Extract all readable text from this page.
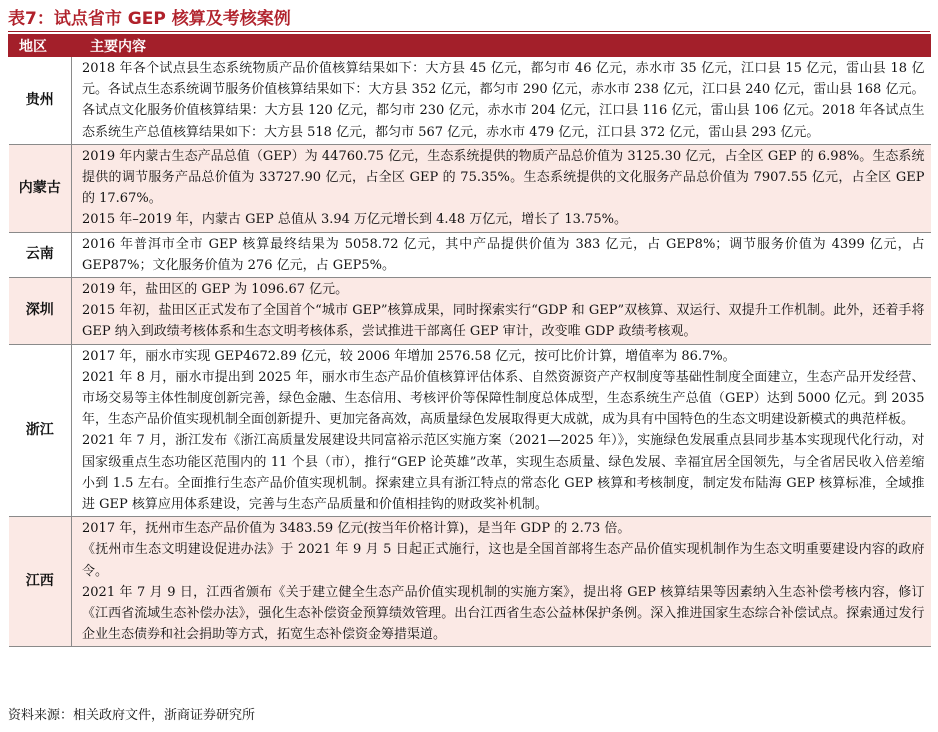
表7：试点省市 GEP 核算及考核案例
地区	主要内容
贵州	2018 年各个试点县生态系统物质产品价值核算结果如下：大方县 45 亿元，都匀市 46 亿元，赤水市 35 亿元，江口县 15 亿元，雷山县 18 亿元。各试点生态系统调节服务价值核算结果如下：大方县 352 亿元，都匀市 290 亿元，赤水市 238 亿元，江口县 240 亿元，雷山县 168 亿元。各试点文化服务价值核算结果：大方县 120 亿元，都匀市 230 亿元，赤水市 204 亿元，江口县 116 亿元，雷山县 106 亿元。2018 年各试点生态系统生产总值核算结果如下：大方县 518 亿元，都匀市 567 亿元，赤水市 479 亿元，江口县 372 亿元，雷山县 293 亿元。

内蒙古	2019 年内蒙古生态产品总值（GEP）为 44760.75 亿元，生态系统提供的物质产品总价值为 3125.30 亿元，占全区 GEP 的 6.98%。生态系统提供的调节服务产品总价值为 33727.90 亿元，占全区 GEP 的 75.35%。生态系统提供的文化服务产品总价值为 7907.55 亿元，占全区 GEP 的 17.67%。
2015 年–2019 年，内蒙古 GEP 总值从 3.94 万亿元增长到 4.48 万亿元，增长了 13.75%。

云南	2016 年普洱市全市 GEP 核算最终结果为 5058.72 亿元，其中产品提供价值为 383 亿元，占 GEP8%；调节服务价值为 4399 亿元，占 GEP87%；文化服务价值为 276 亿元，占 GEP5%。

深圳	2019 年，盐田区的 GEP 为 1096.67 亿元。
2015 年初，盐田区正式发布了全国首个“城市 GEP”核算成果，同时探索实行“GDP 和 GEP”双核算、双运行、双提升工作机制。此外，还着手将 GEP 纳入到政绩考核体系和生态文明考核体系，尝试推进干部离任 GEP 审计，改变唯 GDP 政绩考核观。

浙江	2017 年，丽水市实现 GEP4672.89 亿元，较 2006 年增加 2576.58 亿元，按可比价计算，增值率为 86.7%。
2021 年 8 月，丽水市提出到 2025 年，丽水市生态产品价值核算评估体系、自然资源资产产权制度等基础性制度全面建立，生态产品开发经营、市场交易等主体性制度创新完善，绿色金融、生态信用、考核评价等保障性制度总体成型，生态系统生产总值（GEP）达到 5000 亿元。到 2035 年，生态产品价值实现机制全面创新提升、更加完备高效，高质量绿色发展取得更大成就，成为具有中国特色的生态文明建设新模式的典范样板。
2021 年 7 月，浙江发布《浙江高质量发展建设共同富裕示范区实施方案（2021—2025 年）》，实施绿色发展重点县同步基本实现现代化行动，对国家级重点生态功能区范围内的 11 个县（市），推行“GEP 论英雄”改革，实现生态质量、绿色发展、幸福宜居全国领先，与全省居民收入倍差缩小到 1.5 左右。全面推行生态产品价值实现机制。探索建立具有浙江特点的常态化 GEP 核算和考核制度，制定发布陆海 GEP 核算标准，全域推进 GEP 核算应用体系建设，完善与生态产品质量和价值相挂钩的财政奖补机制。

江西	2017 年，抚州市生态产品价值为 3483.59 亿元(按当年价格计算)，是当年 GDP 的 2.73 倍。
《抚州市生态文明建设促进办法》于 2021 年 9 月 5 日起正式施行，这也是全国首部将生态产品价值实现机制作为生态文明重要建设内容的政府令。
2021 年 7 月 9 日，江西省颁布《关于建立健全生态产品价值实现机制的实施方案》，提出将 GEP 核算结果等因素纳入生态补偿考核内容，修订《江西省流域生态补偿办法》，强化生态补偿资金预算绩效管理。出台江西省生态公益林保护条例。深入推进国家生态综合补偿试点。探索通过发行企业生态债券和社会捐助等方式，拓宽生态补偿资金筹措渠道。
资料来源：相关政府文件，浙商证券研究所
